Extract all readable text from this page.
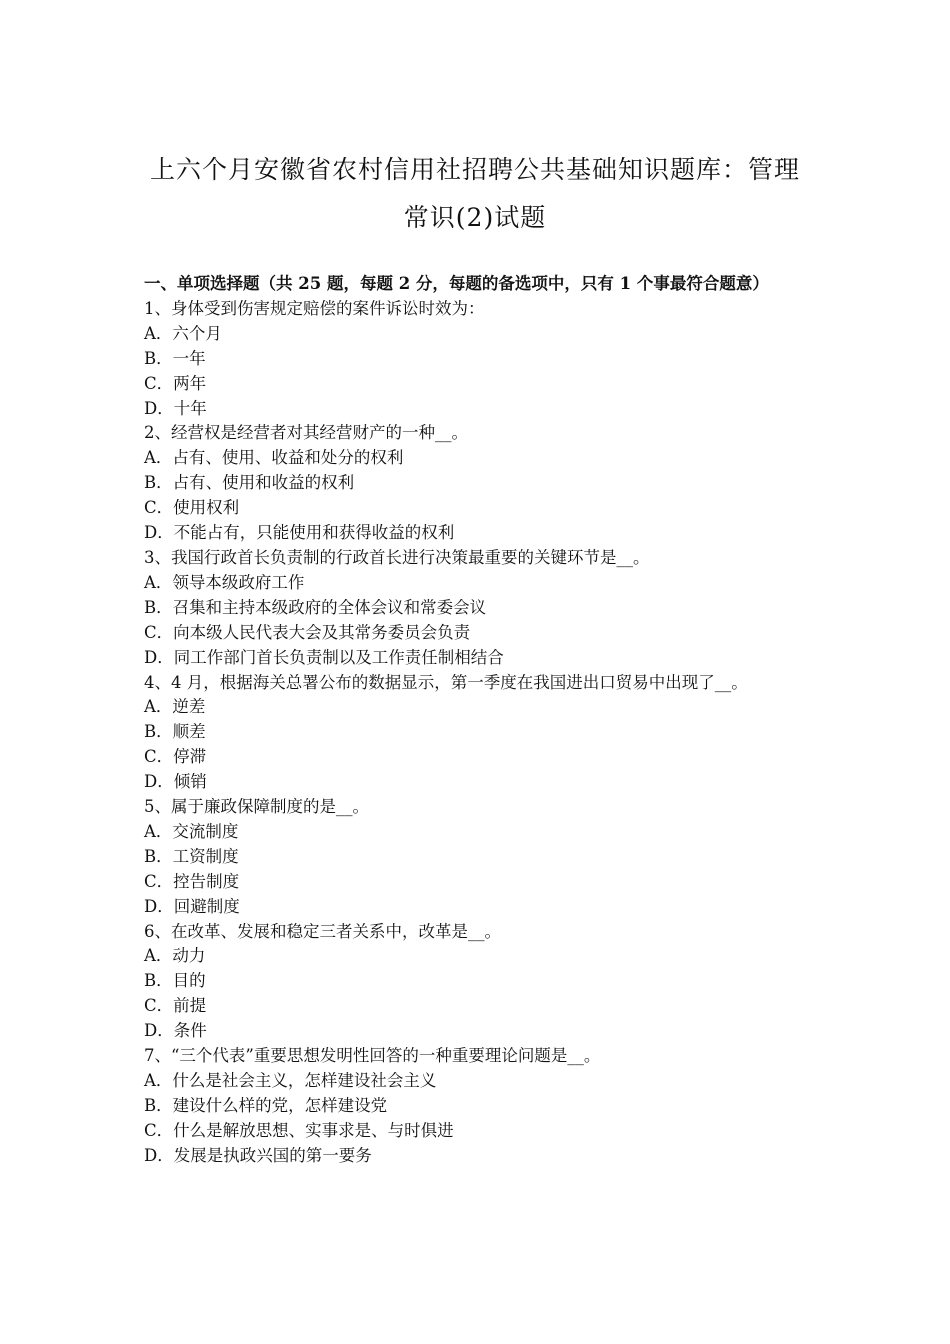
上六个月安徽省农村信用社招聘公共基础知识题库：管理
常识(2)试题
一、单项选择题（共 25 题，每题 2 分，每题的备选项中，只有 1 个事最符合题意）
1、身体受到伤害规定赔偿的案件诉讼时效为：
A．六个月
B．一年
C．两年
D．十年
2、经营权是经营者对其经营财产的一种__。
A．占有、使用、收益和处分的权利
B．占有、使用和收益的权利
C．使用权利
D．不能占有，只能使用和获得收益的权利
3、我国行政首长负责制的行政首长进行决策最重要的关键环节是__。
A．领导本级政府工作
B．召集和主持本级政府的全体会议和常委会议
C．向本级人民代表大会及其常务委员会负责
D．同工作部门首长负责制以及工作责任制相结合
4、4 月，根据海关总署公布的数据显示，第一季度在我国进出口贸易中出现了__。
A．逆差
B．顺差
C．停滞
D．倾销
5、属于廉政保障制度的是__。
A．交流制度
B．工资制度
C．控告制度
D．回避制度
6、在改革、发展和稳定三者关系中，改革是__。
A．动力
B．目的
C．前提
D．条件
7、“三个代表”重要思想发明性回答的一种重要理论问题是__。
A．什么是社会主义，怎样建设社会主义
B．建设什么样的党，怎样建设党
C．什么是解放思想、实事求是、与时俱进
D．发展是执政兴国的第一要务
